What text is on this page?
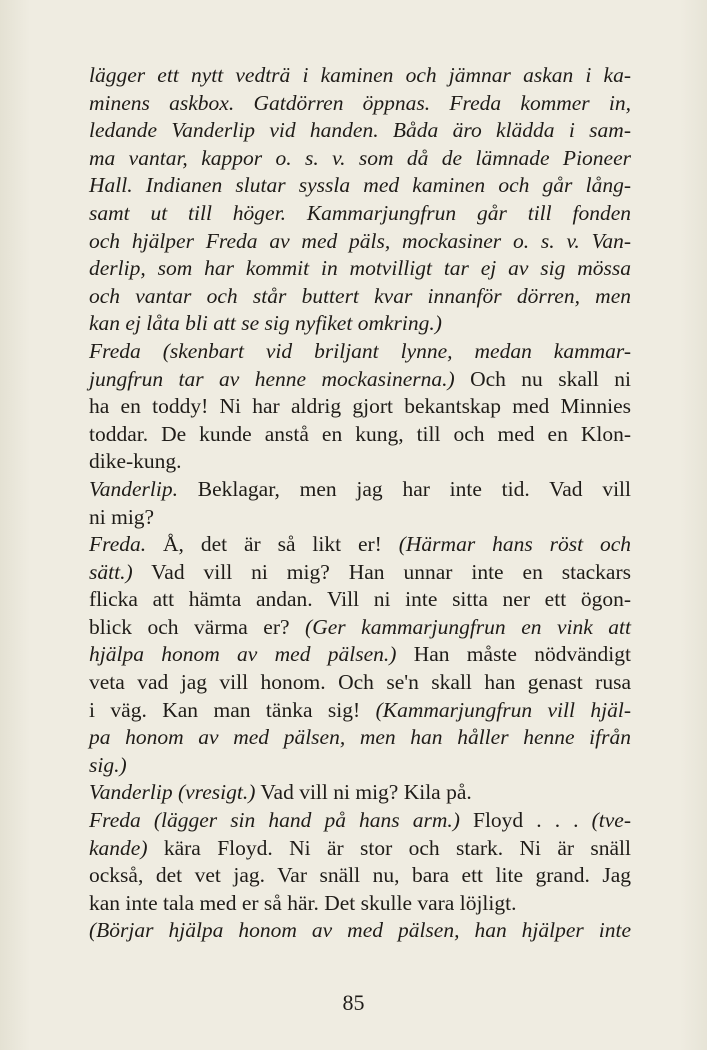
lägger ett nytt vedträ i kaminen och jämnar askan i ka-
minens askbox. Gatdörren öppnas. Freda kommer in,
ledande Vanderlip vid handen. Båda äro klädda i sam-
ma vantar, kappor o. s. v. som då de lämnade Pioneer
Hall. Indianen slutar syssla med kaminen och går lång-
samt ut till höger. Kammarjungfrun går till fonden
och hjälper Freda av med päls, mockasiner o. s. v. Van-
derlip, som har kommit in motvilligt tar ej av sig mössa
och vantar och står buttert kvar innanför dörren, men
kan ej låta bli att se sig nyfiket omkring.)
Freda (skenbart vid briljant lynne, medan kammar-
jungfrun tar av henne mockasinerna.) Och nu skall ni
ha en toddy! Ni har aldrig gjort bekantskap med Minnies
toddar. De kunde anstå en kung, till och med en Klon-
dike-kung.
Vanderlip. Beklagar, men jag har inte tid. Vad vill
ni mig?
Freda. Å, det är så likt er! (Härmar hans röst och
sätt.) Vad vill ni mig? Han unnar inte en stackars
flicka att hämta andan. Vill ni inte sitta ner ett ögon-
blick och värma er? (Ger kammarjungfrun en vink att
hjälpa honom av med pälsen.) Han måste nödvändigt
veta vad jag vill honom. Och se'n skall han genast rusa
i väg. Kan man tänka sig! (Kammarjungfrun vill hjäl-
pa honom av med pälsen, men han håller henne ifrån
sig.)
Vanderlip (vresigt.) Vad vill ni mig? Kila på.
Freda (lägger sin hand på hans arm.) Floyd . . . (tve-
kande) kära Floyd. Ni är stor och stark. Ni är snäll
också, det vet jag. Var snäll nu, bara ett lite grand. Jag
kan inte tala med er så här. Det skulle vara löjligt.
(Börjar hjälpa honom av med pälsen, han hjälper inte
85
